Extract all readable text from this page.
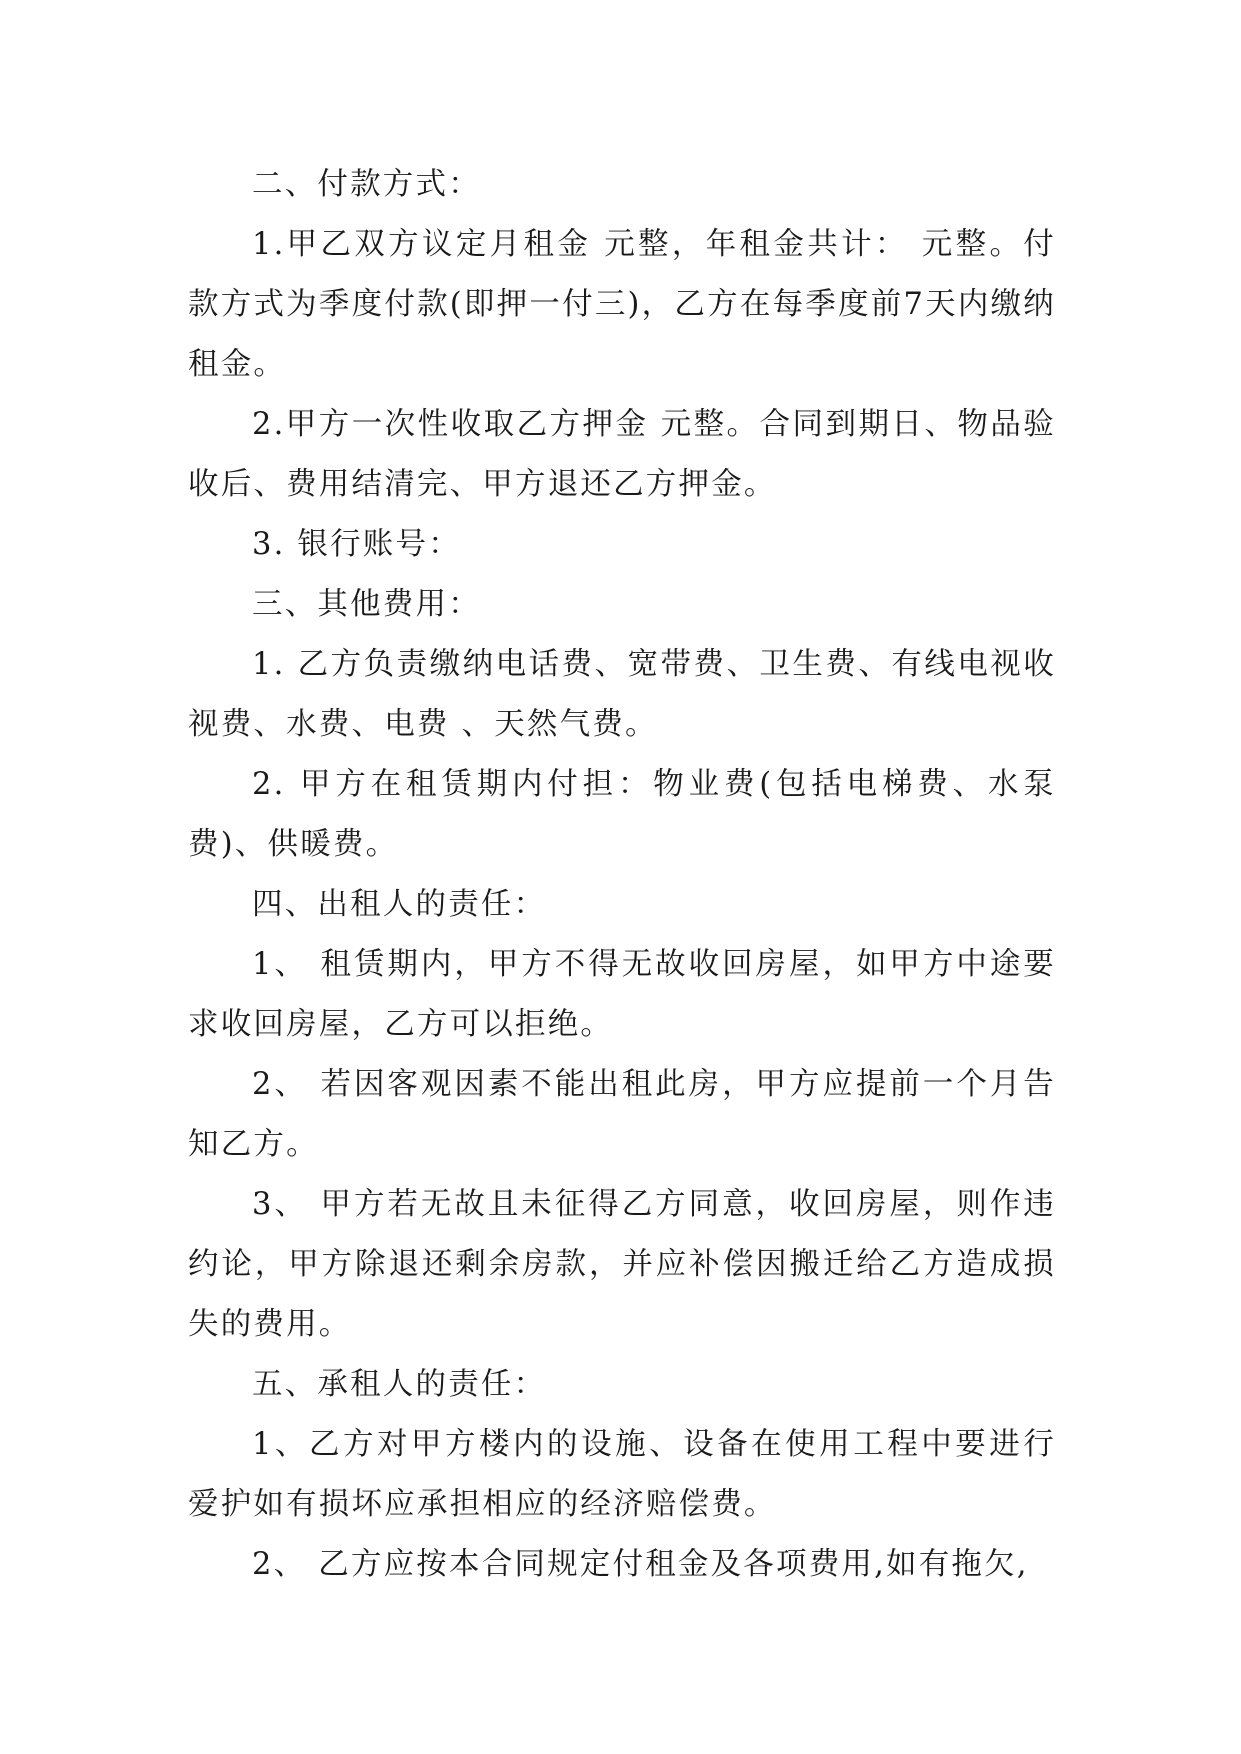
二、付款方式：

1.甲乙双方议定月租金 元整，年租金共计： 元整。付款方式为季度付款(即押一付三)，乙方在每季度前7天内缴纳租金。

2.甲方一次性收取乙方押金 元整。合同到期日、物品验收后、费用结清完、甲方退还乙方押金。

3. 银行账号：

三、其他费用：

1. 乙方负责缴纳电话费、宽带费、卫生费、有线电视收视费、水费、电费 、天然气费。

2. 甲方在租赁期内付担：物业费(包括电梯费、水泵费)、供暖费。

四、出租人的责任：

1、 租赁期内，甲方不得无故收回房屋，如甲方中途要求收回房屋，乙方可以拒绝。

2、 若因客观因素不能出租此房，甲方应提前一个月告知乙方。

3、 甲方若无故且未征得乙方同意，收回房屋，则作违约论，甲方除退还剩余房款，并应补偿因搬迁给乙方造成损失的费用。

五、承租人的责任：

1、乙方对甲方楼内的设施、设备在使用工程中要进行爱护如有损坏应承担相应的经济赔偿费。

2、 乙方应按本合同规定付租金及各项费用,如有拖欠,
